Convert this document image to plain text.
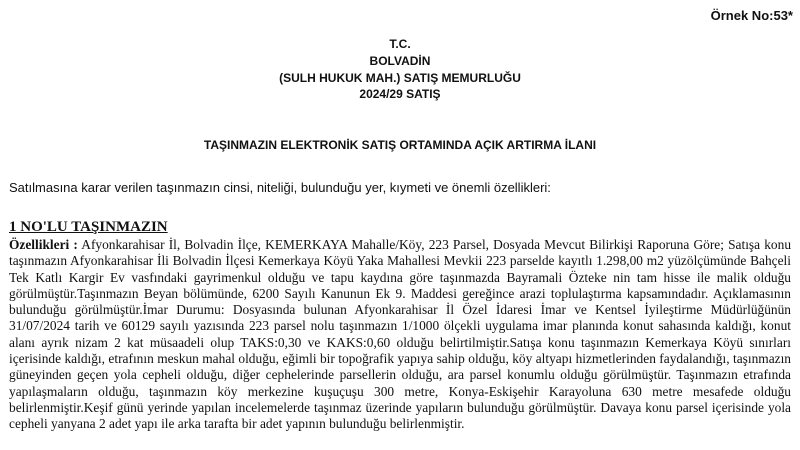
Örnek No:53*
T.C.
BOLVADİN
(SULH HUKUK MAH.) SATIŞ MEMURLUĞU
2024/29 SATIŞ
TAŞINMAZIN ELEKTRONİK SATIŞ ORTAMINDA AÇIK ARTIRMA İLANI
Satılmasına karar verilen taşınmazın cinsi, niteliği, bulunduğu yer, kıymeti ve önemli özellikleri:
1 NO'LU TAŞINMAZIN
Özellikleri : Afyonkarahisar İl, Bolvadin İlçe, KEMERKAYA Mahalle/Köy, 223 Parsel, Dosyada Mevcut Bilirkişi Raporuna Göre; Satışa konu taşınmazın Afyonkarahisar İli Bolvadin İlçesi Kemerkaya Köyü Yaka Mahallesi Mevkii 223 parselde kayıtlı 1.298,00 m2 yüzölçümünde Bahçeli Tek Katlı Kargir Ev vasfındaki gayrimenkul olduğu ve tapu kaydına göre taşınmazda Bayramali Özteke nin tam hisse ile malik olduğu görülmüştür.Taşınmazın Beyan bölümünde, 6200 Sayılı Kanunun Ek 9. Maddesi gereğince arazi toplulaştırma kapsamındadır. Açıklamasının bulunduğu görülmüştür.İmar Durumu: Dosyasında bulunan Afyonkarahisar İl Özel İdaresi İmar ve Kentsel İyileştirme Müdürlüğünün 31/07/2024 tarih ve 60129 sayılı yazısında 223 parsel nolu taşınmazın 1/1000 ölçekli uygulama imar planında konut sahasında kaldığı, konut alanı ayrık nizam 2 kat müsaadeli olup TAKS:0,30 ve KAKS:0,60 olduğu belirtilmiştir.Satışa konu taşınmazın Kemerkaya Köyü sınırları içerisinde kaldığı, etrafının meskun mahal olduğu, eğimli bir topoğrafik yapıya sahip olduğu, köy altyapı hizmetlerinden faydalandığı, taşınmazın güneyinden geçen yola cepheli olduğu, diğer cephelerinde parsellerin olduğu, ara parsel konumlu olduğu görülmüştür. Taşınmazın etrafında yapılaşmaların olduğu, taşınmazın köy merkezine kuşuçuşu 300 metre, Konya-Eskişehir Karayoluna 630 metre mesafede olduğu belirlenmiştir.Keşif günü yerinde yapılan incelemelerde taşınmaz üzerinde yapıların bulunduğu görülmüştür. Davaya konu parsel içerisinde yola cepheli yanyana 2 adet yapı ile arka tarafta bir adet yapının bulunduğu belirlenmiştir.
